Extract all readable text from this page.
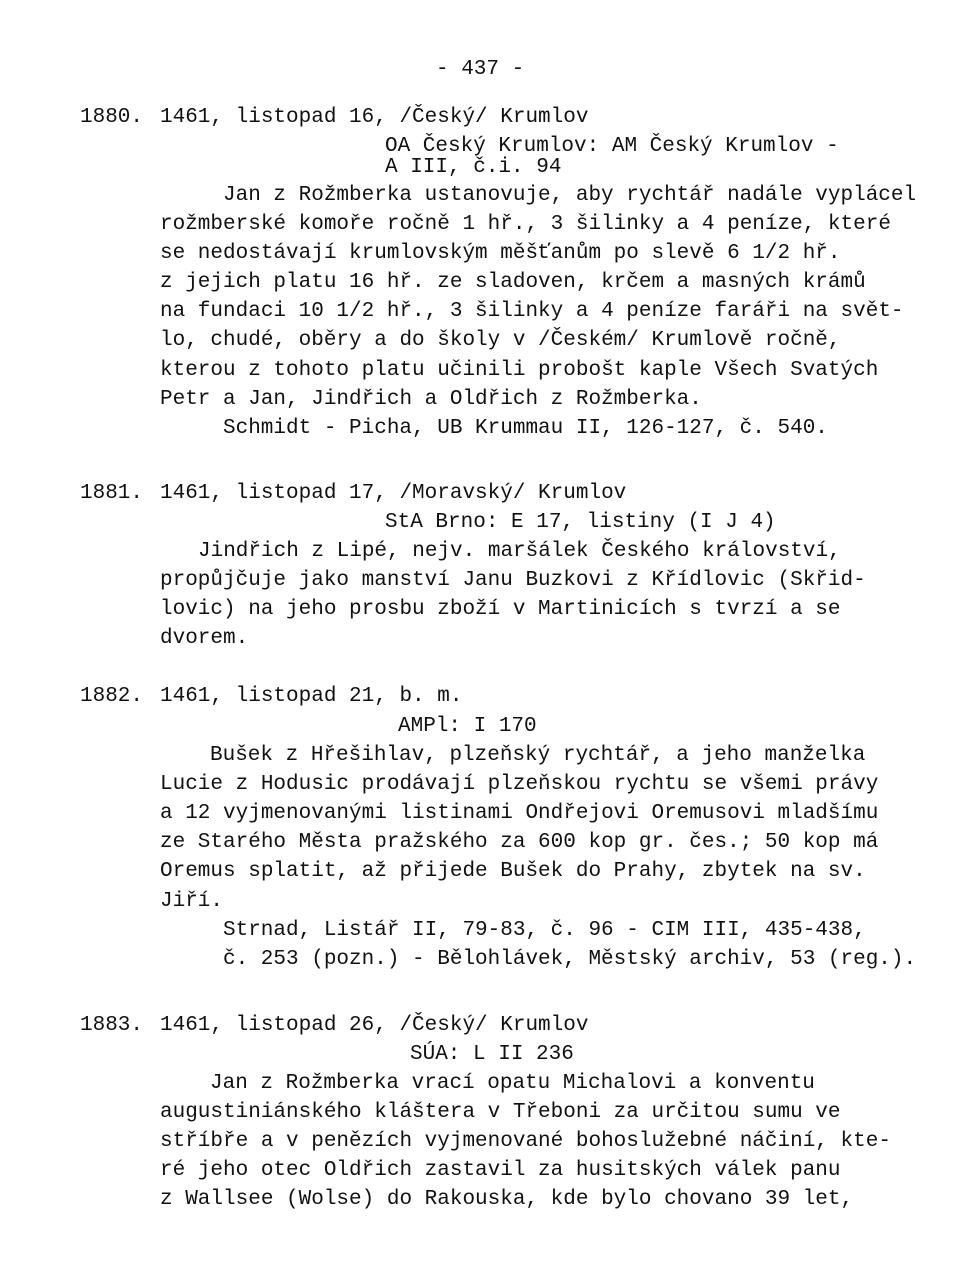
- 437 -
1880. 1461, listopad 16, /Český/ Krumlov
OA Český Krumlov: AM Český Krumlov -
A III, č.i. 94
Jan z Rožmberka ustanovuje, aby rychtář nadále vyplácel
rožmberské komoře ročně 1 hř., 3 šilinky a 4 peníze, které
se nedostávají krumlovským měšťanům po slevě 6 1/2 hř.
z jejich platu 16 hř. ze sladoven, krčem a masných krámů
na fundaci 10 1/2 hř., 3 šilinky a 4 peníze faráři na svět-
lo, chudé, oběry a do školy v /Českém/ Krumlově ročně,
kterou z tohoto platu učinili probošt kaple Všech Svatých
Petr a Jan, Jindřich a Oldřich z Rožmberka.
Schmidt - Picha, UB Krummau II, 126-127, č. 540.
1881. 1461, listopad 17, /Moravský/ Krumlov
StA Brno: E 17, listiny (I J 4)
Jindřich z Lipé, nejv. maršálek Českého království,
propůjčuje jako manství Janu Buzkovi z Křídlovic (Skřid-
lovic) na jeho prosbu zboží v Martinicích s tvrzí a se
dvorem.
1882. 1461, listopad 21, b. m.
AMPl: I 170
Bušek z Hřešihlav, plzeňský rychtář, a jeho manželka
Lucie z Hodusic prodávají plzeňskou rychtu se všemi právy
a 12 vyjmenovanými listinami Ondřejovi Oremusovi mladšímu
ze Starého Města pražského za 600 kop gr. čes.; 50 kop má
Oremus splatit, až přijede Bušek do Prahy, zbytek na sv.
Jiří.
Strnad, Listář II, 79-83, č. 96 - CIM III, 435-438,
č. 253 (pozn.) - Bělohlávek, Městský archiv, 53 (reg.).
1883. 1461, listopad 26, /Český/ Krumlov
SÚA: L II 236
Jan z Rožmberka vrací opatu Michalovi a konventu
augustiniánského kláštera v Třeboni za určitou sumu ve
stříbře a v penězích vyjmenované bohoslužebné náčiní, kte-
ré jeho otec Oldřich zastavil za husitských válek panu
z Wallsee (Wolse) do Rakouska, kde bylo chovano 39 let,
